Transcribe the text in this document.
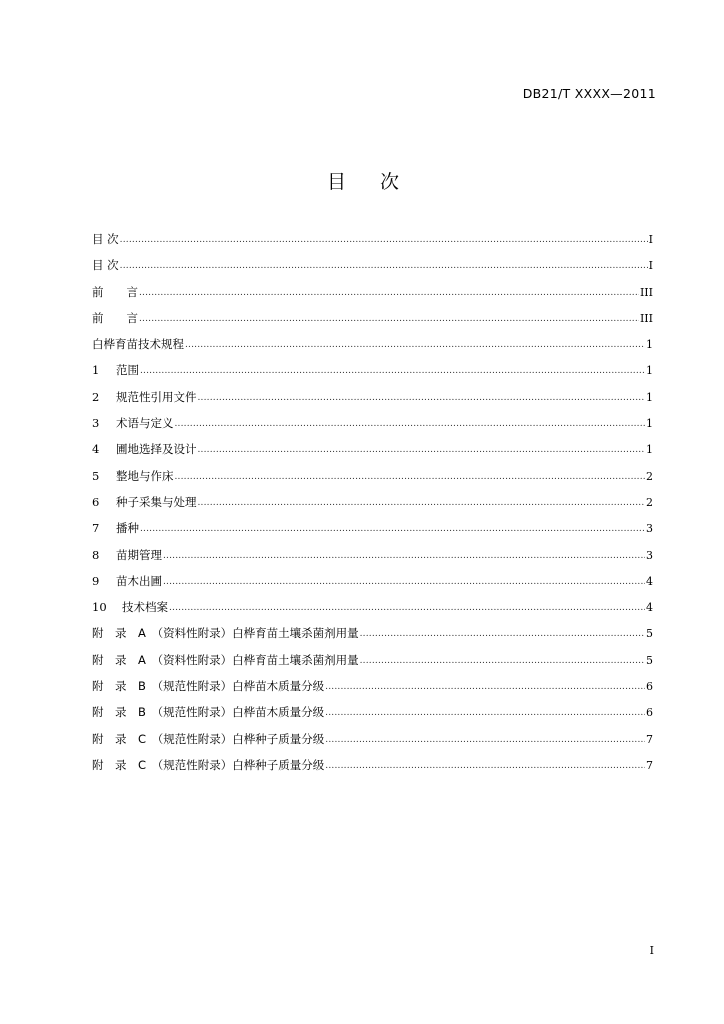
DB21/T XXXX—2011
目 次
目 次 .....	I
目 次 .....	I
前　　言 .....	III
前　　言 .....	III
白桦育苗技术规程 .....	1
1	范围 .....	1
2	规范性引用文件 .....	1
3	术语与定义 .....	1
4	圃地选择及设计 .....	1
5	整地与作床 .....	2
6	种子采集与处理 .....	2
7	播种 .....	3
8	苗期管理 .....	3
9	苗木出圃 .....	4
10	技术档案 .....	4
附　录　A　（资料性附录）白桦育苗土壤杀菌剂用量 .....	5
附　录　A　（资料性附录）白桦育苗土壤杀菌剂用量 .....	5
附　录　B　（规范性附录）白桦苗木质量分级 .....	6
附　录　B　（规范性附录）白桦苗木质量分级 .....	6
附　录　C　（规范性附录）白桦种子质量分级 .....	7
附　录　C　（规范性附录）白桦种子质量分级 .....	7
I
